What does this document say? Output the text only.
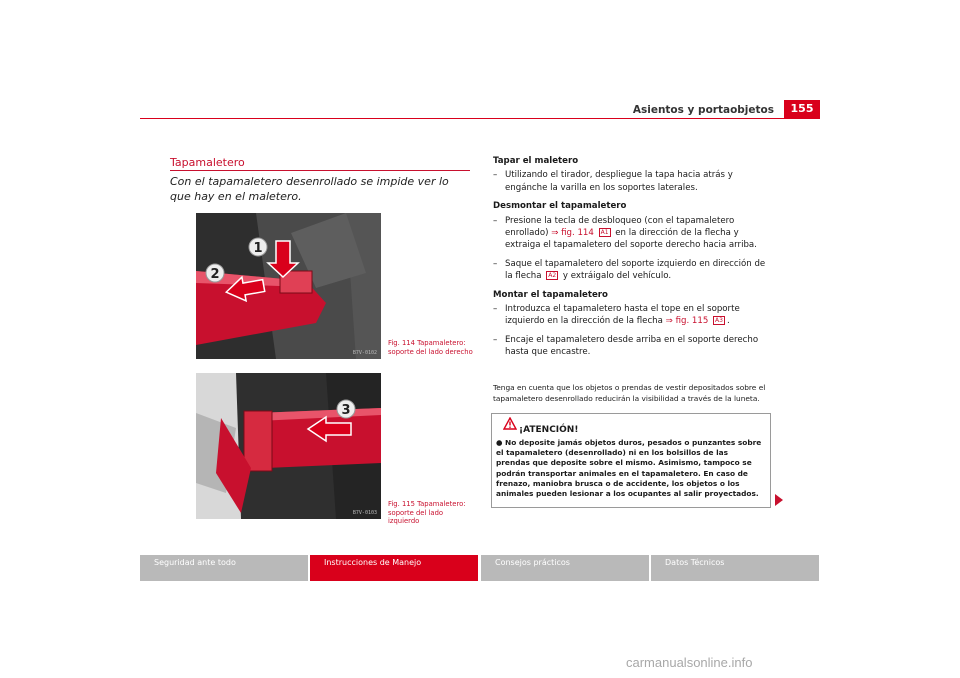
Asientos y portaobjetos	155
Tapamaletero
Con el tapamaletero desenrollado se impide ver lo que hay en el maletero.
1
2
B7V-0102
Fig. 114 Tapamaletero: soporte del lado derecho
3
B7V-0103
Fig. 115 Tapamaletero: soporte del lado izquierdo
Tapar el maletero
– Utilizando el tirador, despliegue la tapa hacia atrás y engánche la varilla en los soportes laterales.
Desmontar el tapamaletero
– Presione la tecla de desbloqueo (con el tapamaletero enrollado) ⇒ fig. 114 A1 en la dirección de la flecha y extraiga el tapamaletero del soporte derecho hacia arriba.
– Saque el tapamaletero del soporte izquierdo en dirección de la flecha A2 y extráigalo del vehículo.
Montar el tapamaletero
– Introduzca el tapamaletero hasta el tope en el soporte izquierdo en la dirección de la flecha ⇒ fig. 115 A3 .
– Encaje el tapamaletero desde arriba en el soporte derecho hasta que encastre.
Tenga en cuenta que los objetos o prendas de vestir depositados sobre el tapamaletero desenrollado reducirán la visibilidad a través de la luneta.
¡ATENCIÓN!
● No deposite jamás objetos duros, pesados o punzantes sobre el tapamaletero (desenrollado) ni en los bolsillos de las prendas que deposite sobre el mismo. Asimismo, tampoco se podrán transportar animales en el tapamaletero. En caso de frenazo, maniobra brusca o de accidente, los objetos o los animales pueden lesionar a los ocupantes al salir proyectados.
Seguridad ante todo	Instrucciones de Manejo	Consejos prácticos	Datos Técnicos
carmanualsonline.info
